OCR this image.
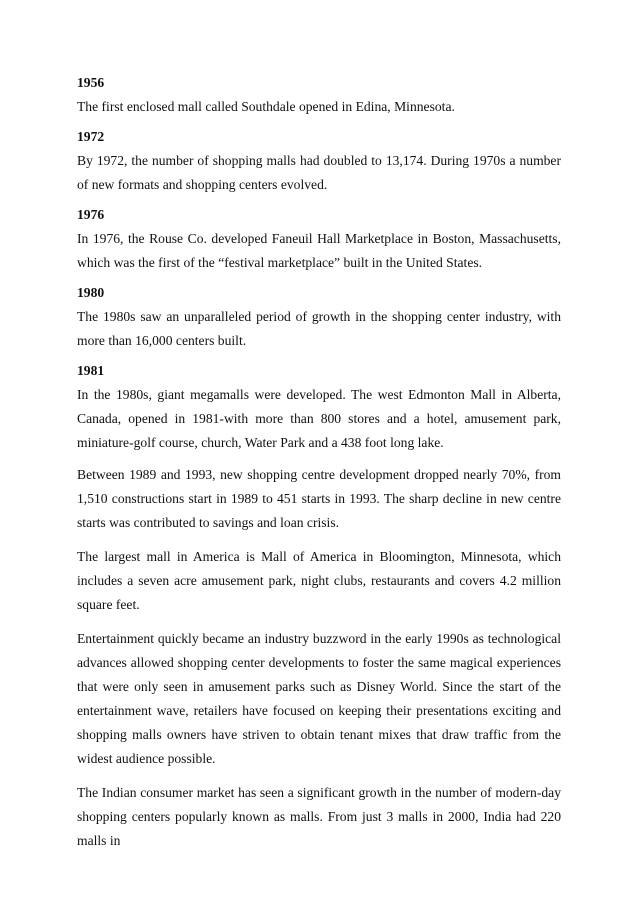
1956

The first enclosed mall called Southdale opened in Edina, Minnesota.

1972

By 1972, the number of shopping malls had doubled to 13,174. During 1970s a number of new formats and shopping centers evolved.

1976

In 1976, the Rouse Co. developed Faneuil Hall Marketplace in Boston, Massachusetts, which was the first of the “festival marketplace” built in the United States.

1980

The 1980s saw an unparalleled period of growth in the shopping center industry, with more than 16,000 centers built.

1981

In the 1980s, giant megamalls were developed. The west Edmonton Mall in Alberta, Canada, opened in 1981-with more than 800 stores and a hotel, amusement park, miniature-golf course, church, Water Park and a 438 foot long lake.

Between 1989 and 1993, new shopping centre development dropped nearly 70%, from 1,510 constructions start in 1989 to 451 starts in 1993. The sharp decline in new centre starts was contributed to savings and loan crisis.

The largest mall in America is Mall of America in Bloomington, Minnesota, which includes a seven acre amusement park, night clubs, restaurants and covers 4.2 million square feet.

Entertainment quickly became an industry buzzword in the early 1990s as technological advances allowed shopping center developments to foster the same magical experiences that were only seen in amusement parks such as Disney World. Since the start of the entertainment wave, retailers have focused on keeping their presentations exciting and shopping malls owners have striven to obtain tenant mixes that draw traffic from the widest audience possible.

The Indian consumer market has seen a significant growth in the number of modern-day shopping centers popularly known as malls. From just 3 malls in 2000, India had 220 malls in
